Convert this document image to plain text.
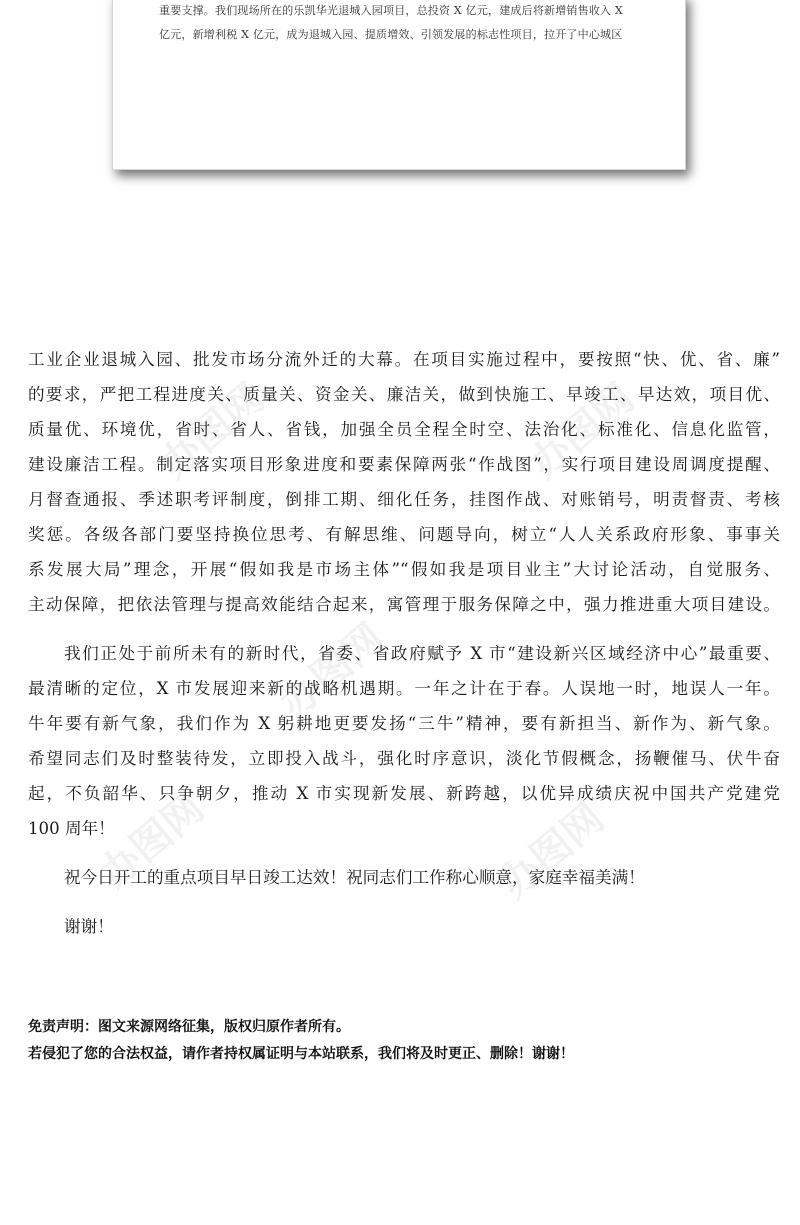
重要支撑。我们现场所在的乐凯华光退城入园项目，总投资 X 亿元，建成后将新增销售收入 X

亿元，新增利税 X 亿元，成为退城入园、提质增效、引领发展的标志性项目，拉开了中心城区

办图网	办图网
办图网
办图网	办图网

工业企业退城入园、批发市场分流外迁的大幕。在项目实施过程中，要按照“快、优、省、廉”

的要求，严把工程进度关、质量关、资金关、廉洁关，做到快施工、早竣工、早达效，项目优、

质量优、环境优，省时、省人、省钱，加强全员全程全时空、法治化、标准化、信息化监管，

建设廉洁工程。制定落实项目形象进度和要素保障两张“作战图”，实行项目建设周调度提醒、

月督查通报、季述职考评制度，倒排工期、细化任务，挂图作战、对账销号，明责督责、考核

奖惩。各级各部门要坚持换位思考、有解思维、问题导向，树立“人人关系政府形象、事事关

系发展大局”理念，开展“假如我是市场主体”“假如我是项目业主”大讨论活动，自觉服务、

主动保障，把依法管理与提高效能结合起来，寓管理于服务保障之中，强力推进重大项目建设。

我们正处于前所未有的新时代，省委、省政府赋予 X 市“建设新兴区域经济中心”最重要、

最清晰的定位，X 市发展迎来新的战略机遇期。一年之计在于春。人误地一时，地误人一年。

牛年要有新气象，我们作为 X 躬耕地更要发扬“三牛”精神，要有新担当、新作为、新气象。

希望同志们及时整装待发，立即投入战斗，强化时序意识，淡化节假概念，扬鞭催马、伏牛奋

起，不负韶华、只争朝夕，推动 X 市实现新发展、新跨越，以优异成绩庆祝中国共产党建党

100 周年！

祝今日开工的重点项目早日竣工达效！祝同志们工作称心顺意，家庭幸福美满！

谢谢！

免责声明：图文来源网络征集，版权归原作者所有。

若侵犯了您的合法权益，请作者持权属证明与本站联系，我们将及时更正、删除！谢谢！
